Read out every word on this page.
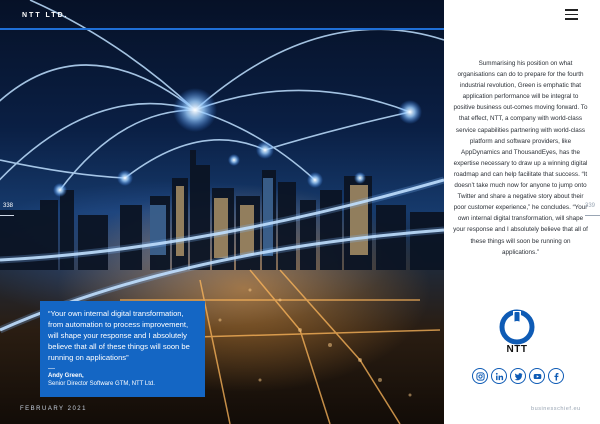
NTT LTD.
338
“Your own internal digital transformation, from automation to process improvement, will shape your response and I absolutely believe that all of these things will soon be running on applications”
—
Andy Green,
Senior Director Software GTM, NTT Ltd.
FEBRUARY 2021

Summarising his position on what organisations can do to prepare for the fourth industrial revolution, Green is emphatic that application performance will be integral to positive business out-comes moving forward. To that effect, NTT, a company with world-class service capabilities partnering with world-class platform and software providers, like AppDynamics and ThousandEyes, has the expertise necessary to draw up a winning digital roadmap and can help facilitate that success. “It doesn’t take much now for anyone to jump onto Twitter and share a negative story about their poor customer experience,” he concludes. “Your own internal digital transformation, will shape your response and I absolutely believe that all of these things will soon be running on applications.”

339
NTT
businesschief.eu
